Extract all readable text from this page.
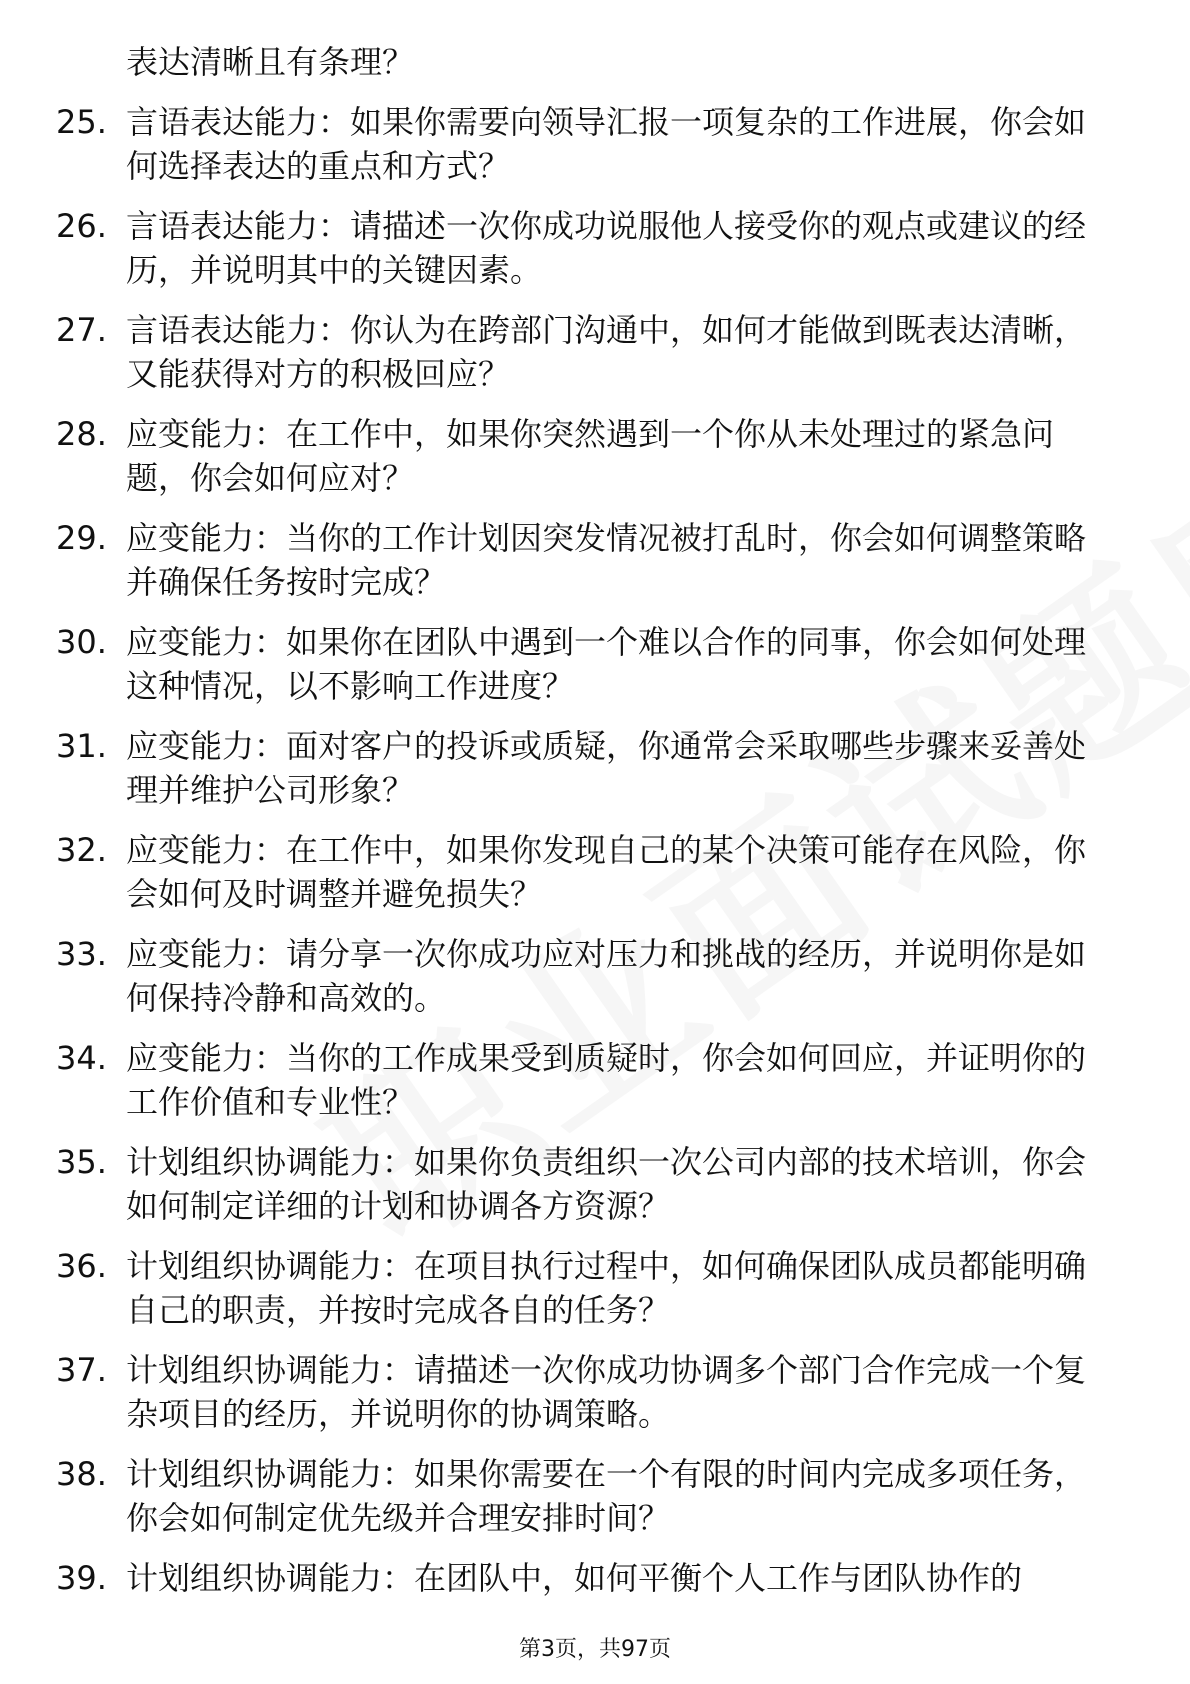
表达清晰且有条理？
25. 言语表达能力：如果你需要向领导汇报一项复杂的工作进展，你会如何选择表达的重点和方式？
26. 言语表达能力：请描述一次你成功说服他人接受你的观点或建议的经历，并说明其中的关键因素。
27. 言语表达能力：你认为在跨部门沟通中，如何才能做到既表达清晰，又能获得对方的积极回应？
28. 应变能力：在工作中，如果你突然遇到一个你从未处理过的紧急问题，你会如何应对？
29. 应变能力：当你的工作计划因突发情况被打乱时，你会如何调整策略并确保任务按时完成？
30. 应变能力：如果你在团队中遇到一个难以合作的同事，你会如何处理这种情况，以不影响工作进度？
31. 应变能力：面对客户的投诉或质疑，你通常会采取哪些步骤来妥善处理并维护公司形象？
32. 应变能力：在工作中，如果你发现自己的某个决策可能存在风险，你会如何及时调整并避免损失？
33. 应变能力：请分享一次你成功应对压力和挑战的经历，并说明你是如何保持冷静和高效的。
34. 应变能力：当你的工作成果受到质疑时，你会如何回应，并证明你的工作价值和专业性？
35. 计划组织协调能力：如果你负责组织一次公司内部的技术培训，你会如何制定详细的计划和协调各方资源？
36. 计划组织协调能力：在项目执行过程中，如何确保团队成员都能明确自己的职责，并按时完成各自的任务？
37. 计划组织协调能力：请描述一次你成功协调多个部门合作完成一个复杂项目的经历，并说明你的协调策略。
38. 计划组织协调能力：如果你需要在一个有限的时间内完成多项任务，你会如何制定优先级并合理安排时间？
39. 计划组织协调能力：在团队中，如何平衡个人工作与团队协作的
第3页，共97页
